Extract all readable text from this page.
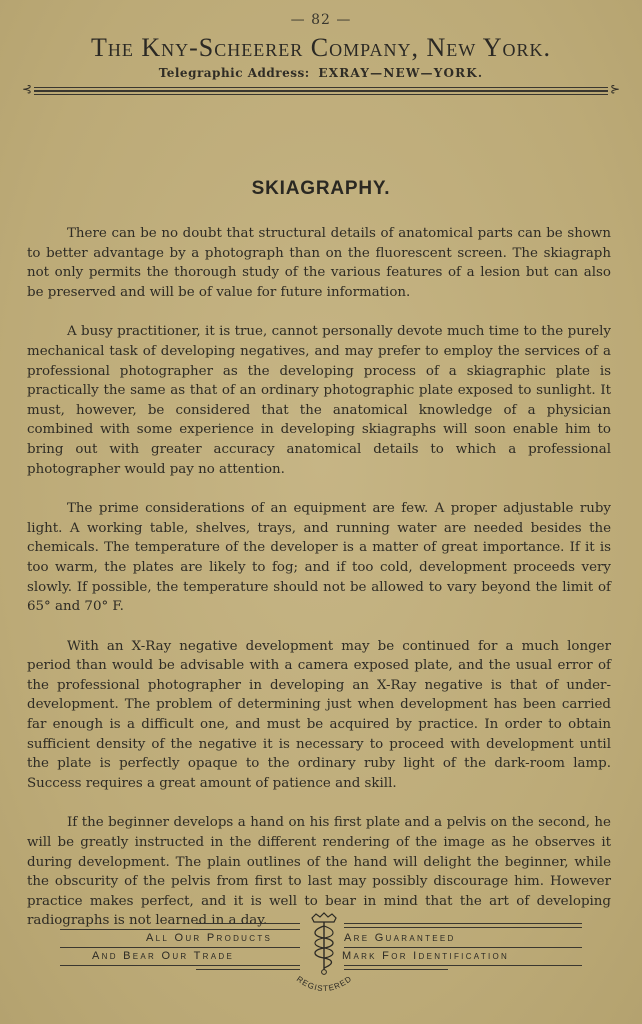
— 82 —
The Kny-Scheerer Company, New York.
Telegraphic Address: EXRAY—NEW—YORK.
⊰	⊱
SKIAGRAPHY.

There can be no doubt that structural details of anatomical parts can be shown to better advantage by a photograph than on the fluorescent screen. The skiagraph not only permits the thorough study of the various features of a lesion but can also be preserved and will be of value for future information.

A busy practitioner, it is true, cannot personally devote much time to the purely mechanical task of developing negatives, and may prefer to employ the services of a professional photographer as the developing process of a skiagraphic plate is practically the same as that of an ordinary photographic plate exposed to sunlight. It must, however, be considered that the anatomical knowledge of a physician combined with some experience in developing skiagraphs will soon enable him to bring out with greater accuracy anatomical details to which a professional photographer would pay no attention.

The prime considerations of an equipment are few. A proper adjustable ruby light. A working table, shelves, trays, and running water are needed besides the chemicals. The temperature of the developer is a matter of great importance. If it is too warm, the plates are likely to fog; and if too cold, development proceeds very slowly. If possible, the temperature should not be allowed to vary beyond the limit of 65° and 70° F.

With an X-Ray negative development may be continued for a much longer period than would be advisable with a camera exposed plate, and the usual error of the professional photographer in developing an X-Ray negative is that of under-development. The problem of determining just when development has been carried far enough is a difficult one, and must be acquired by practice. In order to obtain sufficient density of the negative it is necessary to proceed with development until the plate is perfectly opaque to the ordinary ruby light of the dark-room lamp. Success requires a great amount of patience and skill.

If the beginner develops a hand on his first plate and a pelvis on the second, he will be greatly instructed in the different rendering of the image as he observes it during development. The plain outlines of the hand will delight the beginner, while the obscurity of the pelvis from first to last may possibly discourage him. However practice makes perfect, and it is well to bear in mind that the art of developing radiographs is not learned in a day.

All Our Products	Are Guaranteed
And Bear Our Trade	Mark For Identification
REGISTERED
